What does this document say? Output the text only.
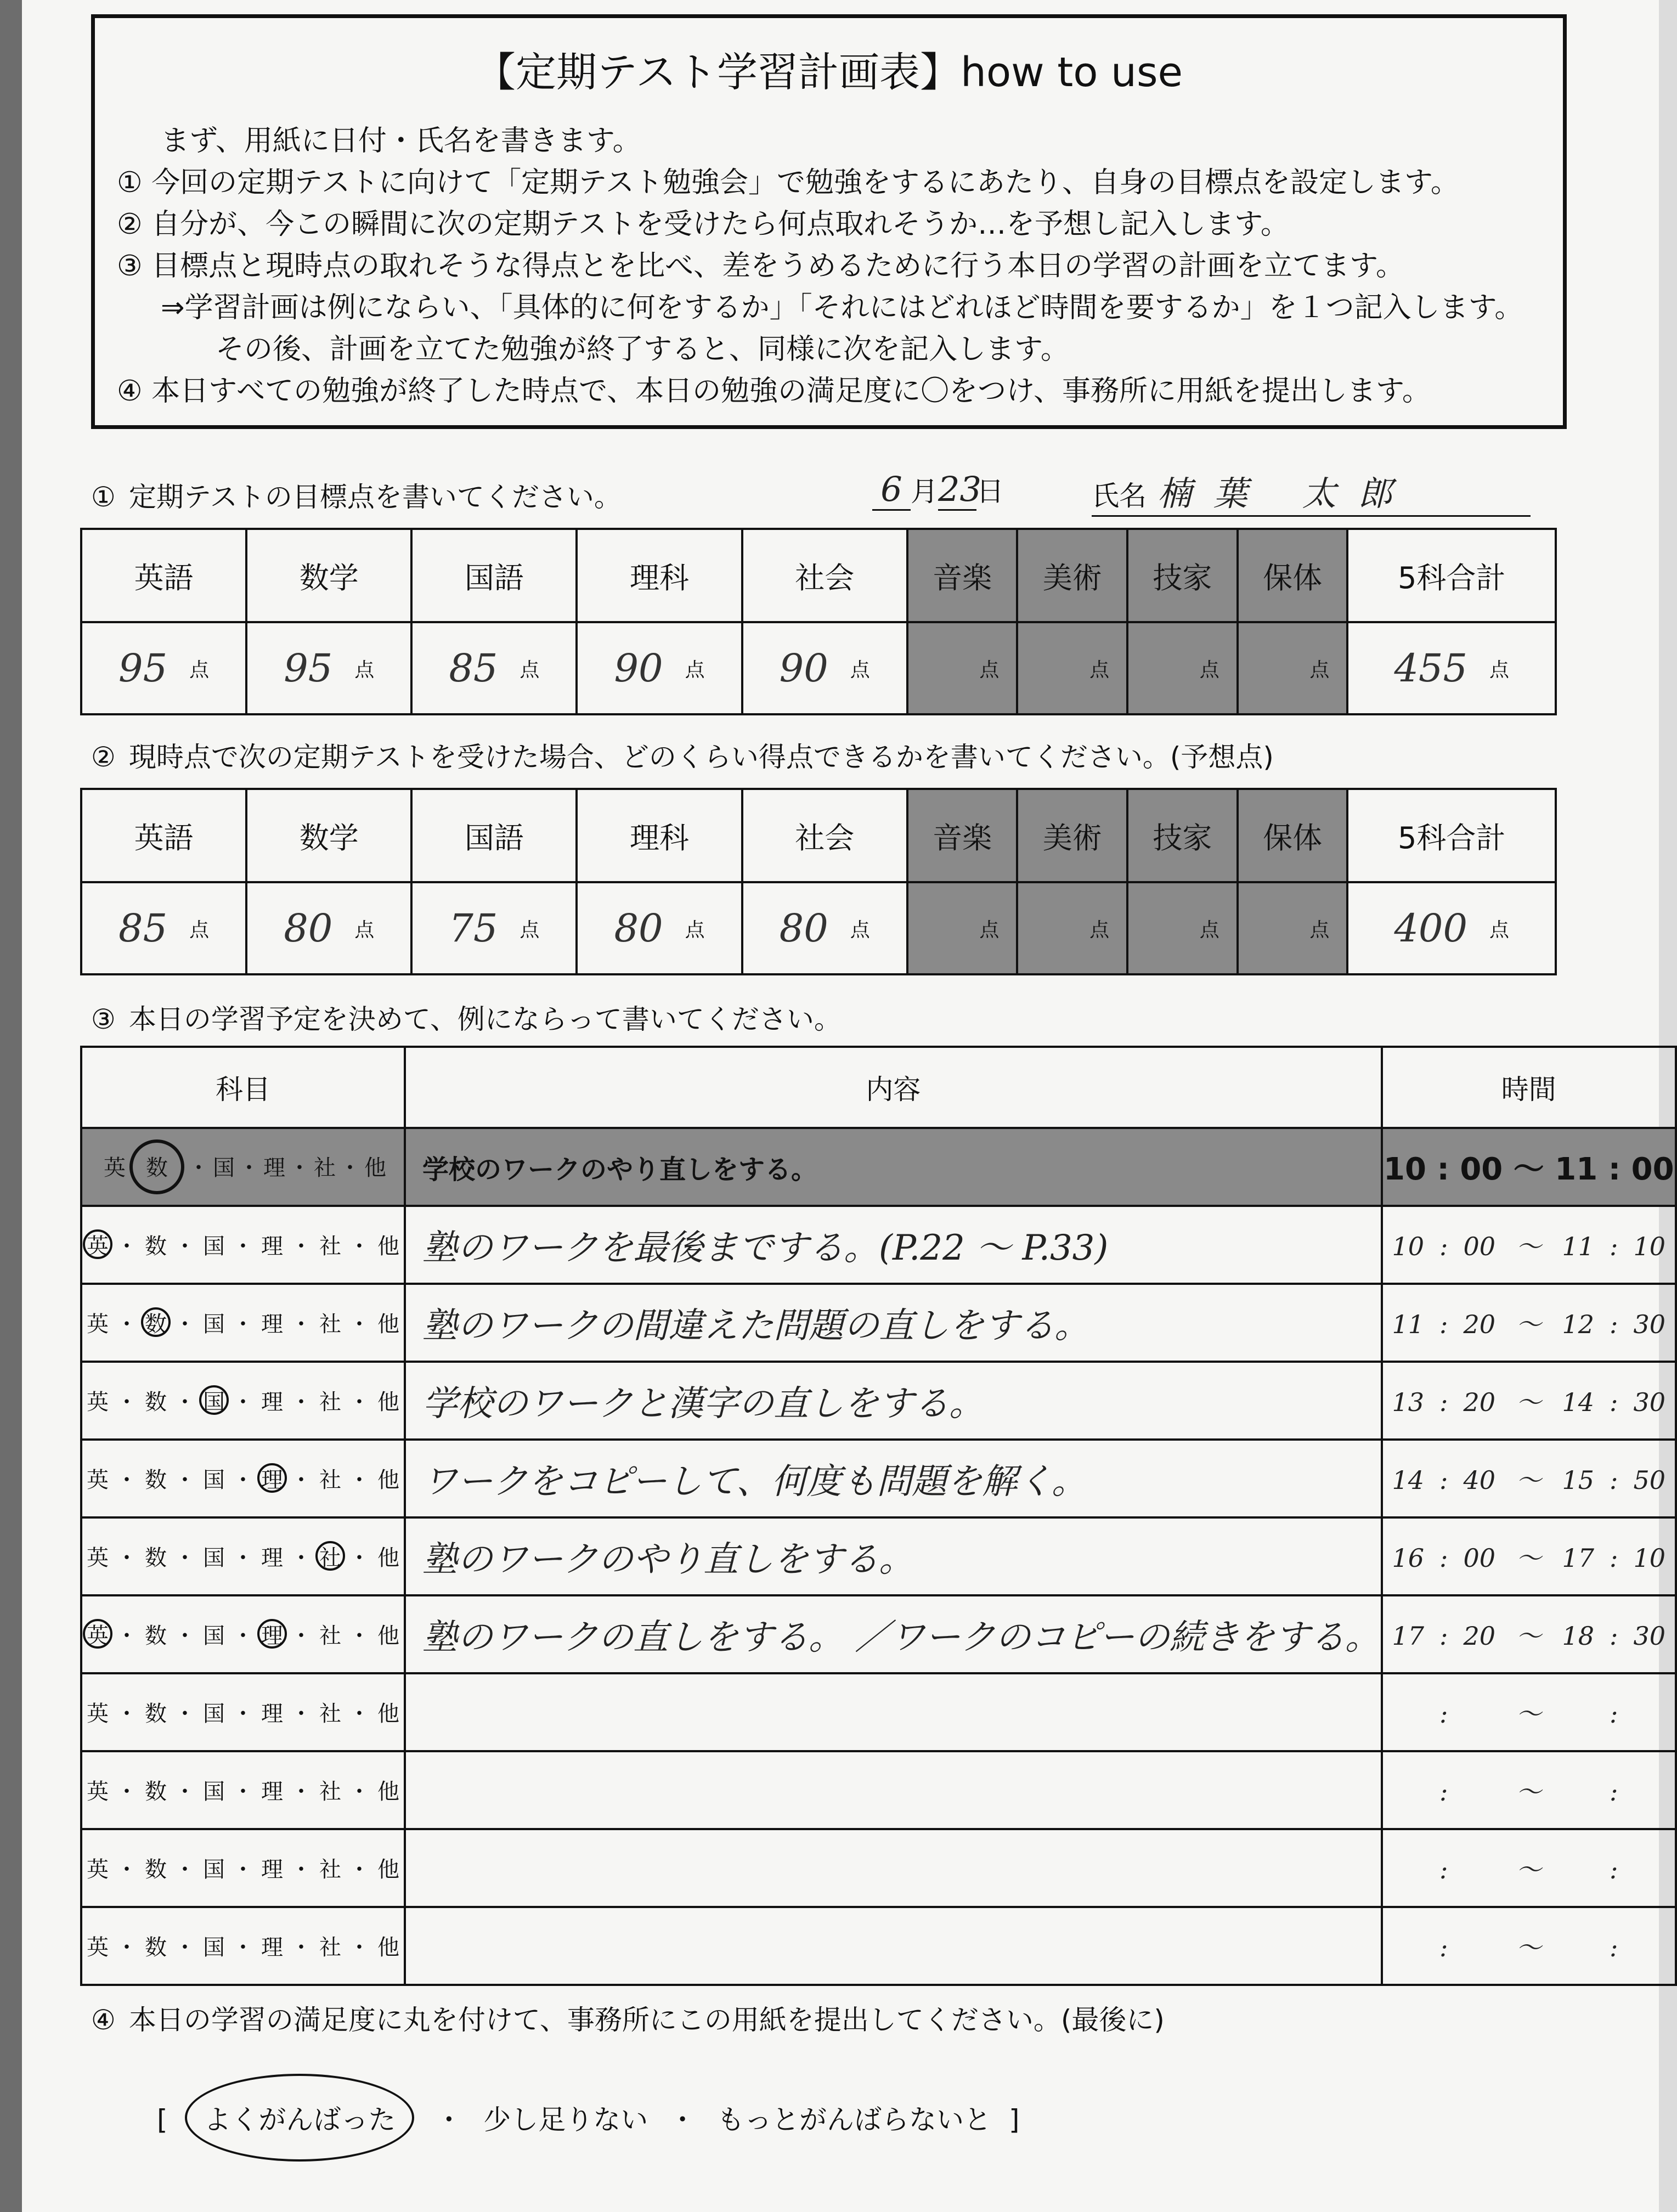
【定期テスト学習計画表】how to use
まず、用紙に日付・氏名を書きます。
① 今回の定期テストに向けて「定期テスト勉強会」で勉強をするにあたり、自身の目標点を設定します。
② 自分が、今この瞬間に次の定期テストを受けたら何点取れそうか…を予想し記入します。
③ 目標点と現時点の取れそうな得点とを比べ、差をうめるために行う本日の学習の計画を立てます。
⇒学習計画は例にならい、「具体的に何をするか」「それにはどれほど時間を要するか」を１つ記入します。
その後、計画を立てた勉強が終了すると、同様に次を記入します。
④ 本日すべての勉強が終了した時点で、本日の勉強の満足度に〇をつけ、事務所に用紙を提出します。
① 定期テストの目標点を書いてください。	6 月23日	氏名 楠葉 太郎
英語	数学	国語	理科	社会	音楽	美術	技家	保体	5科合計

95 点	95 点	85 点	90 点	90 点	点	点	点	点	455 点
② 現時点で次の定期テストを受けた場合、どのくらい得点できるかを書いてください。(予想点)
英語	数学	国語	理科	社会	音楽	美術	技家	保体	5科合計

85 点	80 点	75 点	80 点	80 点	点	点	点	点	400 点
③ 本日の学習予定を決めて、例にならって書いてください。
科目	内容	時間
英 数 ・ 国 ・ 理 ・ 社 ・ 他	学校のワークのやり直しをする。	10 : 00 〜 11 : 00
英 ・ 数 ・ 国 ・ 理 ・ 社 ・ 他	塾のワークを最後までする。(P.22 〜 P.33)	10 : 00 〜 11 : 10
英 ・ 数 ・ 国 ・ 理 ・ 社 ・ 他	塾のワークの間違えた問題の直しをする。	11 : 20 〜 12 : 30
英 ・ 数 ・ 国 ・ 理 ・ 社 ・ 他	学校のワークと漢字の直しをする。	13 : 20 〜 14 : 30
英 ・ 数 ・ 国 ・ 理 ・ 社 ・ 他	ワークをコピーして、何度も問題を解く。	14 : 40 〜 15 : 50
英 ・ 数 ・ 国 ・ 理 ・ 社 ・ 他	塾のワークのやり直しをする。	16 : 00 〜 17 : 10
英 ・ 数 ・ 国 ・ 理 ・ 社 ・ 他	塾のワークの直しをする。 ／ワークのコピーの続きをする。	17 : 20 〜 18 : 30
英 ・ 数 ・ 国 ・ 理 ・ 社 ・ 他		: 〜 :
英 ・ 数 ・ 国 ・ 理 ・ 社 ・ 他		: 〜 :
英 ・ 数 ・ 国 ・ 理 ・ 社 ・ 他		: 〜 :
英 ・ 数 ・ 国 ・ 理 ・ 社 ・ 他		: 〜 :
④ 本日の学習の満足度に丸を付けて、事務所にこの用紙を提出してください。(最後に)
[ よくがんばった ・ 少し足りない ・ もっとがんばらないと ]
